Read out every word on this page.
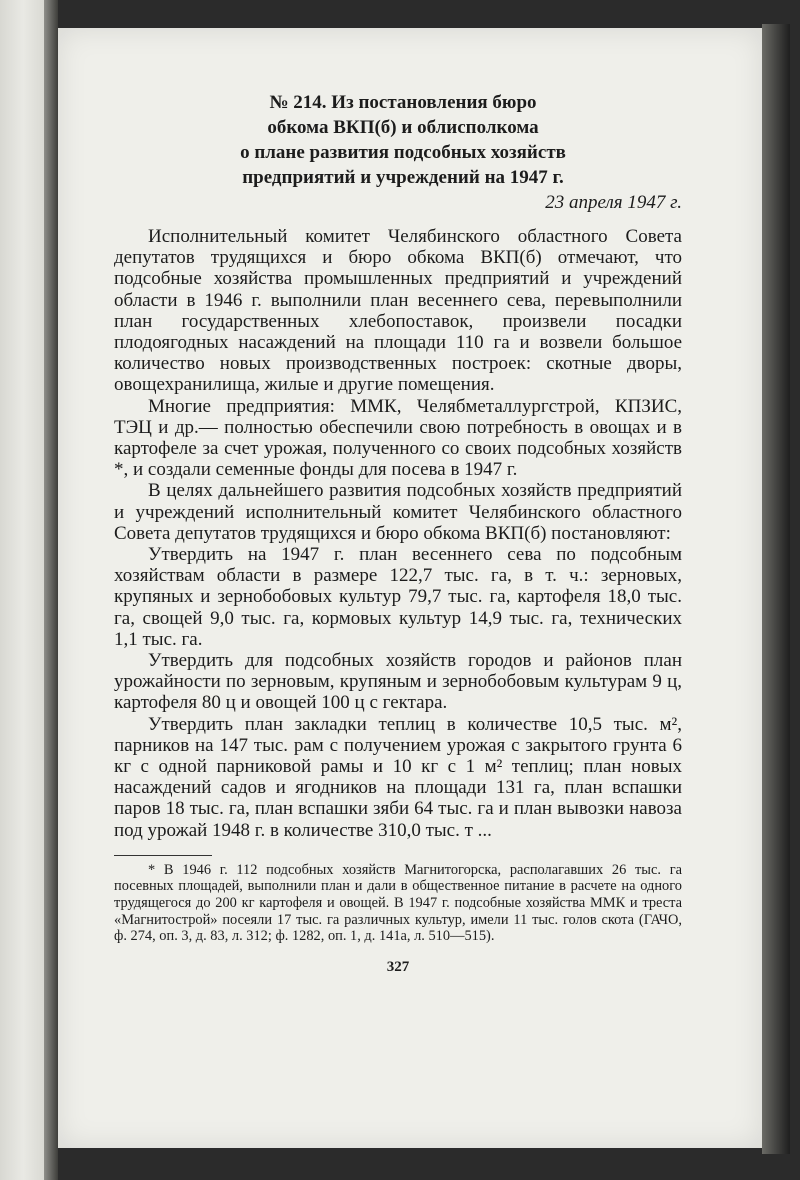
№ 214. Из постановления бюро

обкома ВКП(б) и облисполкома

о плане развития подсобных хозяйств

предприятий и учреждений на 1947 г.

23 апреля 1947 г.

Исполнительный комитет Челябинского областного Совета депутатов трудящихся и бюро обкома ВКП(б) отмечают, что подсобные хозяйства промышленных предприятий и учреждений области в 1946 г. выполнили план весеннего сева, перевыполнили план государственных хлебопоставок, произвели посадки плодоягодных насаждений на площади 110 га и возвели большое количество новых производственных построек: скотные дворы, овощехранилища, жилые и другие помещения.

Многие предприятия: ММК, Челябметаллургстрой, КПЗИС, ТЭЦ и др.— полностью обеспечили свою потребность в овощах и в картофеле за счет урожая, полученного со своих подсобных хозяйств *, и создали семенные фонды для посева в 1947 г.

В целях дальнейшего развития подсобных хозяйств предприятий и учреждений исполнительный комитет Челябинского областного Совета депутатов трудящихся и бюро обкома ВКП(б) постановляют:

Утвердить на 1947 г. план весеннего сева по подсобным хозяйствам области в размере 122,7 тыс. га, в т. ч.: зерновых, крупяных и зернобобовых культур 79,7 тыс. га, картофеля 18,0 тыс. га, свощей 9,0 тыс. га, кормовых культур 14,9 тыс. га, технических 1,1 тыс. га.

Утвердить для подсобных хозяйств городов и районов план урожайности по зерновым, крупяным и зернобобовым культурам 9 ц, картофеля 80 ц и овощей 100 ц с гектара.

Утвердить план закладки теплиц в количестве 10,5 тыс. м², парников на 147 тыс. рам с получением урожая с закрытого грунта 6 кг с одной парниковой рамы и 10 кг с 1 м² теплиц; план новых насаждений садов и ягодников на площади 131 га, план вспашки паров 18 тыс. га, план вспашки зяби 64 тыс. га и план вывозки навоза под урожай 1948 г. в количестве 310,0 тыс. т ...

* В 1946 г. 112 подсобных хозяйств Магнитогорска, располагавших 26 тыс. га посевных площадей, выполнили план и дали в общественное питание в расчете на одного трудящегося до 200 кг картофеля и овощей. В 1947 г. подсобные хозяйства ММК и треста «Магнитострой» посеяли 17 тыс. га различных культур, имели 11 тыс. голов скота (ГАЧО, ф. 274, оп. 3, д. 83, л. 312; ф. 1282, оп. 1, д. 141а, л. 510—515).

327
